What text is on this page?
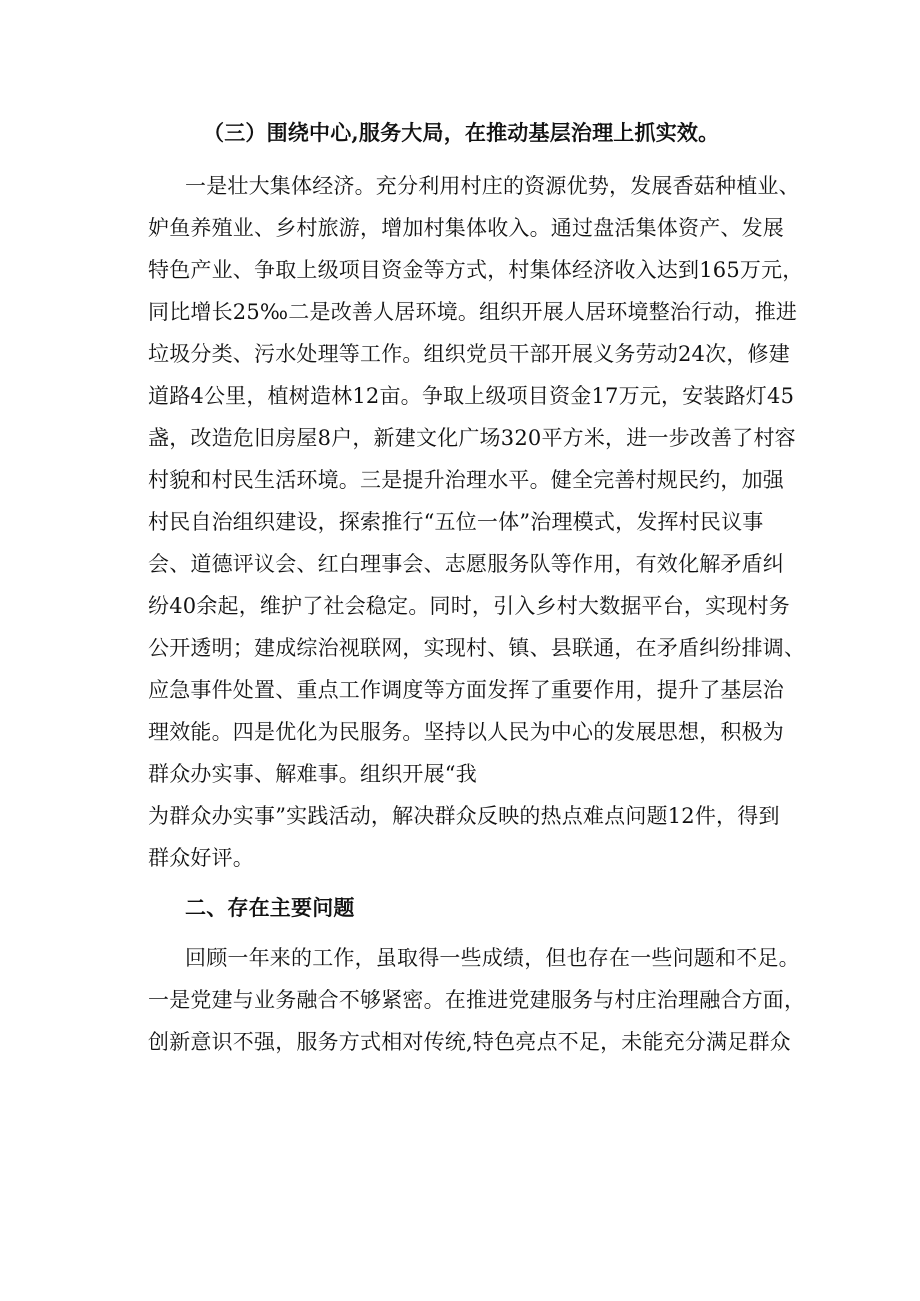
（三）围绕中心,服务大局，在推动基层治理上抓实效。
一是壮大集体经济。充分利用村庄的资源优势，发展香菇种植业、
妒鱼养殖业、乡村旅游，增加村集体收入。通过盘活集体资产、发展
特色产业、争取上级项目资金等方式，村集体经济收入达到165万元，
同比增长25‰二是改善人居环境。组织开展人居环境整治行动，推进
垃圾分类、污水处理等工作。组织党员干部开展义务劳动24次，修建
道路4公里，植树造林12亩。争取上级项目资金17万元，安装路灯45
盏，改造危旧房屋8户，新建文化广场320平方米，进一步改善了村容
村貌和村民生活环境。三是提升治理水平。健全完善村规民约，加强
村民自治组织建设，探索推行“五位一体”治理模式，发挥村民议事
会、道德评议会、红白理事会、志愿服务队等作用，有效化解矛盾纠
纷40余起，维护了社会稳定。同时，引入乡村大数据平台，实现村务
公开透明；建成综治视联网，实现村、镇、县联通，在矛盾纠纷排调、
应急事件处置、重点工作调度等方面发挥了重要作用，提升了基层治
理效能。四是优化为民服务。坚持以人民为中心的发展思想，积极为
群众办实事、解难事。组织开展“我
为群众办实事”实践活动，解决群众反映的热点难点问题12件，得到
群众好评。
二、存在主要问题
回顾一年来的工作，虽取得一些成绩，但也存在一些问题和不足。
一是党建与业务融合不够紧密。在推进党建服务与村庄治理融合方面，
创新意识不强，服务方式相对传统,特色亮点不足，未能充分满足群众
